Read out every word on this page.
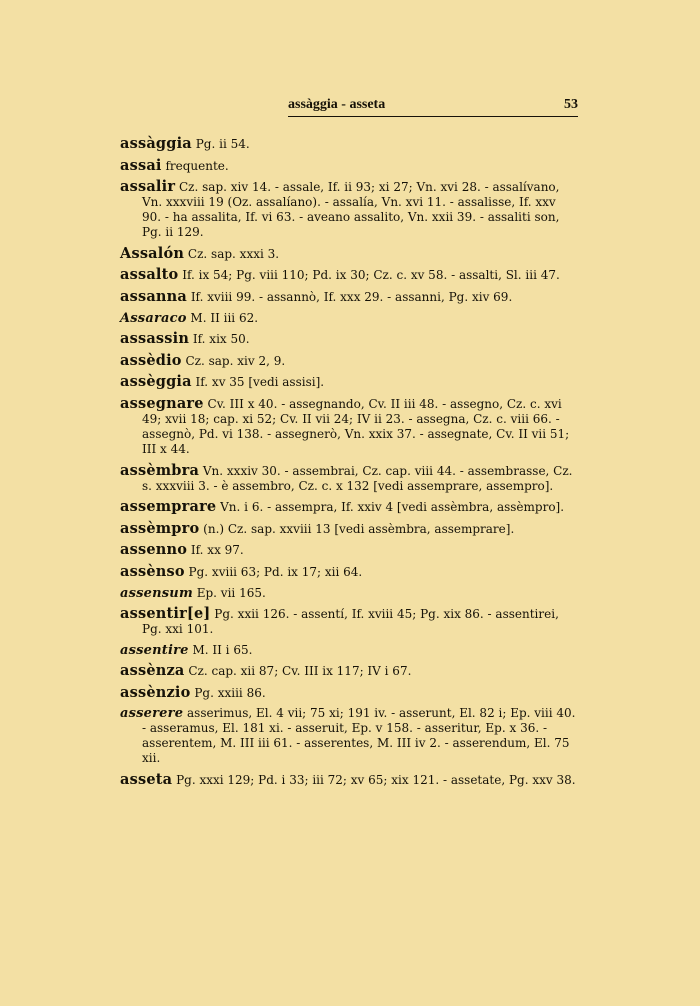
assàggia - asseta	53
assàggia Pg. ii 54.
assai frequente.
assalir Cz. sap. xiv 14. - assale, If. ii 93; xi 27; Vn. xvi 28. - assalívano, Vn. xxxviii 19 (Oz. assalíano). - assalía, Vn. xvi 11. - assalisse, If. xxv 90. - ha assalita, If. vi 63. - aveano assalito, Vn. xxii 39. - assaliti son, Pg. ii 129.
Assalón Cz. sap. xxxi 3.
assalto If. ix 54; Pg. viii 110; Pd. ix 30; Cz. c. xv 58. - assalti, Sl. iii 47.
assanna If. xviii 99. - assannò, If. xxx 29. - assanni, Pg. xiv 69.
Assaraco M. II iii 62.
assassin If. xix 50.
assèdio Cz. sap. xiv 2, 9.
assèggia If. xv 35 [vedi assisi].
assegnare Cv. III x 40. - assegnando, Cv. II iii 48. - assegno, Cz. c. xvi 49; xvii 18; cap. xi 52; Cv. II vii 24; IV ii 23. - assegna, Cz. c. viii 66. - assegnò, Pd. vi 138. - assegnerò, Vn. xxix 37. - assegnate, Cv. II vii 51; III x 44.
assèmbra Vn. xxxiv 30. - assembrai, Cz. cap. viii 44. - assembrasse, Cz. s. xxxviii 3. - è assembro, Cz. c. x 132 [vedi assemprare, assempro].
assemprare Vn. i 6. - assempra, If. xxiv 4 [vedi assèmbra, assèmpro].
assèmpro (n.) Cz. sap. xxviii 13 [vedi assèmbra, assemprare].
assenno If. xx 97.
assènso Pg. xviii 63; Pd. ix 17; xii 64.
assensum Ep. vii 165.
assentir[e] Pg. xxii 126. - assentí, If. xviii 45; Pg. xix 86. - assentirei, Pg. xxi 101.
assentire M. II i 65.
assènza Cz. cap. xii 87; Cv. III ix 117; IV i 67.
assènzio Pg. xxiii 86.
asserere asserimus, El. 4 vii; 75 xi; 191 iv. - asserunt, El. 82 i; Ep. viii 40. - asseramus, El. 181 xi. - asseruit, Ep. v 158. - asseritur, Ep. x 36. - asserentem, M. III iii 61. - asserentes, M. III iv 2. - asserendum, El. 75 xii.
asseta Pg. xxxi 129; Pd. i 33; iii 72; xv 65; xix 121. - assetate, Pg. xxv 38.
